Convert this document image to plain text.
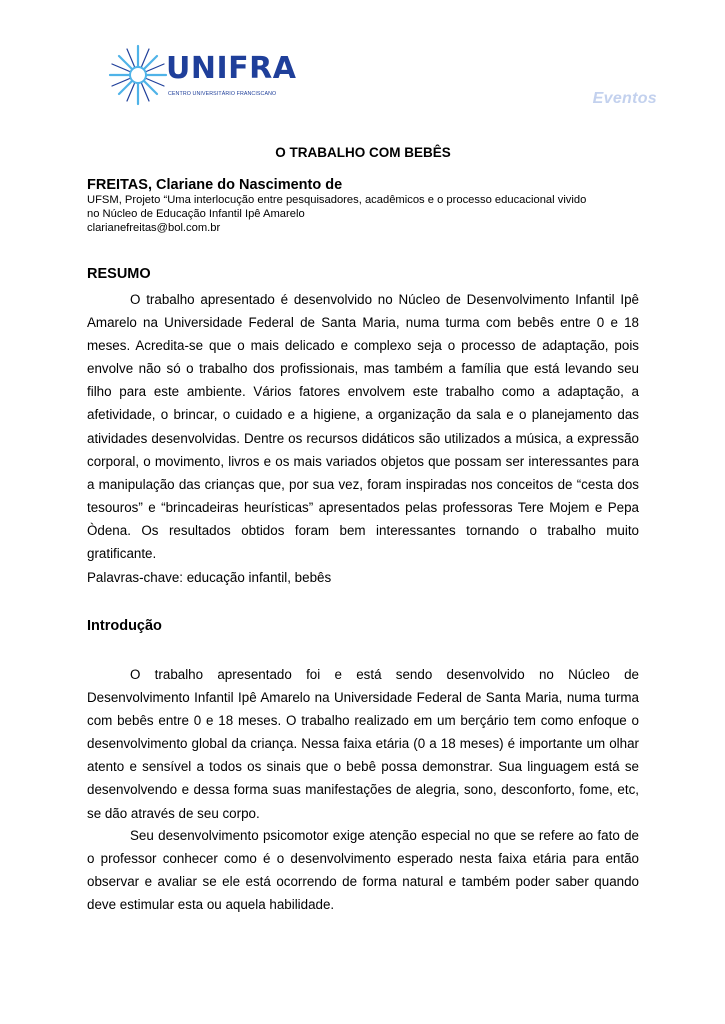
UNIFRA
CENTRO UNIVERSITÁRIO FRANCISCANO	Eventos
O TRABALHO COM BEBÊS
FREITAS, Clariane do Nascimento de
UFSM, Projeto “Uma interlocução entre pesquisadores, acadêmicos e o processo educacional vivido
no Núcleo de Educação Infantil Ipê Amarelo
clarianefreitas@bol.com.br
RESUMO

O trabalho apresentado é desenvolvido no Núcleo de Desenvolvimento Infantil Ipê Amarelo na Universidade Federal de Santa Maria, numa turma com bebês entre 0 e 18 meses. Acredita-se que o mais delicado e complexo seja o processo de adaptação, pois envolve não só o trabalho dos profissionais, mas também a família que está levando seu filho para este ambiente. Vários fatores envolvem este trabalho como a adaptação, a afetividade, o brincar, o cuidado e a higiene, a organização da sala e o planejamento das atividades desenvolvidas. Dentre os recursos didáticos são utilizados a música, a expressão corporal, o movimento, livros e os mais variados objetos que possam ser interessantes para a manipulação das crianças que, por sua vez, foram inspiradas nos conceitos de “cesta dos tesouros” e “brincadeiras heurísticas” apresentados pelas professoras Tere Mojem e Pepa Òdena. Os resultados obtidos foram bem interessantes tornando o trabalho muito gratificante.

Palavras-chave: educação infantil, bebês
Introdução

O trabalho apresentado foi e está sendo desenvolvido no Núcleo de Desenvolvimento Infantil Ipê Amarelo na Universidade Federal de Santa Maria, numa turma com bebês entre 0 e 18 meses. O trabalho realizado em um berçário tem como enfoque o desenvolvimento global da criança. Nessa faixa etária (0 a 18 meses) é importante um olhar atento e sensível a todos os sinais que o bebê possa demonstrar. Sua linguagem está se desenvolvendo e dessa forma suas manifestações de alegria, sono, desconforto, fome, etc, se dão através de seu corpo.

Seu desenvolvimento psicomotor exige atenção especial no que se refere ao fato de o professor conhecer como é o desenvolvimento esperado nesta faixa etária para então observar e avaliar se ele está ocorrendo de forma natural e também poder saber quando deve estimular esta ou aquela habilidade.
